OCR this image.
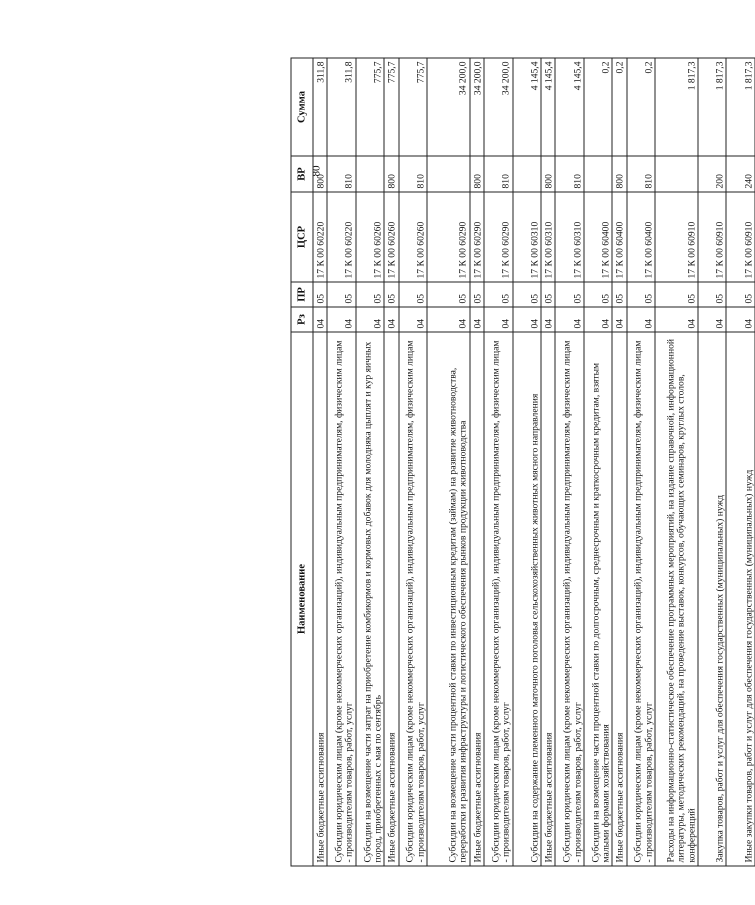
80
Наименование	Рз	ПР	ЦСР	ВР	Сумма
Иные бюджетные ассигнования	04	05	17 К 00 60220	800	311,8
Субсидии юридическим лицам (кроме некоммерческих организаций), индивидуальным предпринимателям, физическим лицам - производителям товаров, работ, услуг	04	05	17 К 00 60220	810	311,8
Субсидии на возмещение части затрат на приобретение комбикормов и кормовых добавок для молодняка цыплят и кур яичных пород, приобретенных с мая по сентябрь	04	05	17 К 00 60260		775,7
Иные бюджетные ассигнования	04	05	17 К 00 60260	800	775,7
Субсидии юридическим лицам (кроме некоммерческих организаций), индивидуальным предпринимателям, физическим лицам - производителям товаров, работ, услуг	04	05	17 К 00 60260	810	775,7
Субсидии на возмещение части процентной ставки по инвестиционным кредитам (займам) на развитие животноводства, переработки и развития инфраструктуры и логистического обеспечения рынков продукции животноводства	04	05	17 К 00 60290		34 200,0
Иные бюджетные ассигнования	04	05	17 К 00 60290	800	34 200,0
Субсидии юридическим лицам (кроме некоммерческих организаций), индивидуальным предпринимателям, физическим лицам - производителям товаров, работ, услуг	04	05	17 К 00 60290	810	34 200,0
Субсидии на содержание племенного маточного поголовья сельскохозяйственных животных мясного направления	04	05	17 К 00 60310		4 145,4
Иные бюджетные ассигнования	04	05	17 К 00 60310	800	4 145,4
Субсидии юридическим лицам (кроме некоммерческих организаций), индивидуальным предпринимателям, физическим лицам - производителям товаров, работ, услуг	04	05	17 К 00 60310	810	4 145,4
Субсидии на возмещение части процентной ставки по долгосрочным, среднесрочным и краткосрочным кредитам, взятым малыми формами хозяйствования	04	05	17 К 00 60400		0,2
Иные бюджетные ассигнования	04	05	17 К 00 60400	800	0,2
Субсидии юридическим лицам (кроме некоммерческих организаций), индивидуальным предпринимателям, физическим лицам - производителям товаров, работ, услуг	04	05	17 К 00 60400	810	0,2
Расходы на информационно-статистическое обеспечение программных мероприятий, на издание справочной, информационной литературы, методических рекомендаций, на проведение выставок, конкурсов, обучающих семинаров, круглых столов, конференций	04	05	17 К 00 60910		1 817,3
Закупка товаров, работ и услуг для обеспечения государственных (муниципальных) нужд	04	05	17 К 00 60910	200	1 817,3
Иные закупки товаров, работ и услуг для обеспечения государственных (муниципальных) нужд	04	05	17 К 00 60910	240	1 817,3
